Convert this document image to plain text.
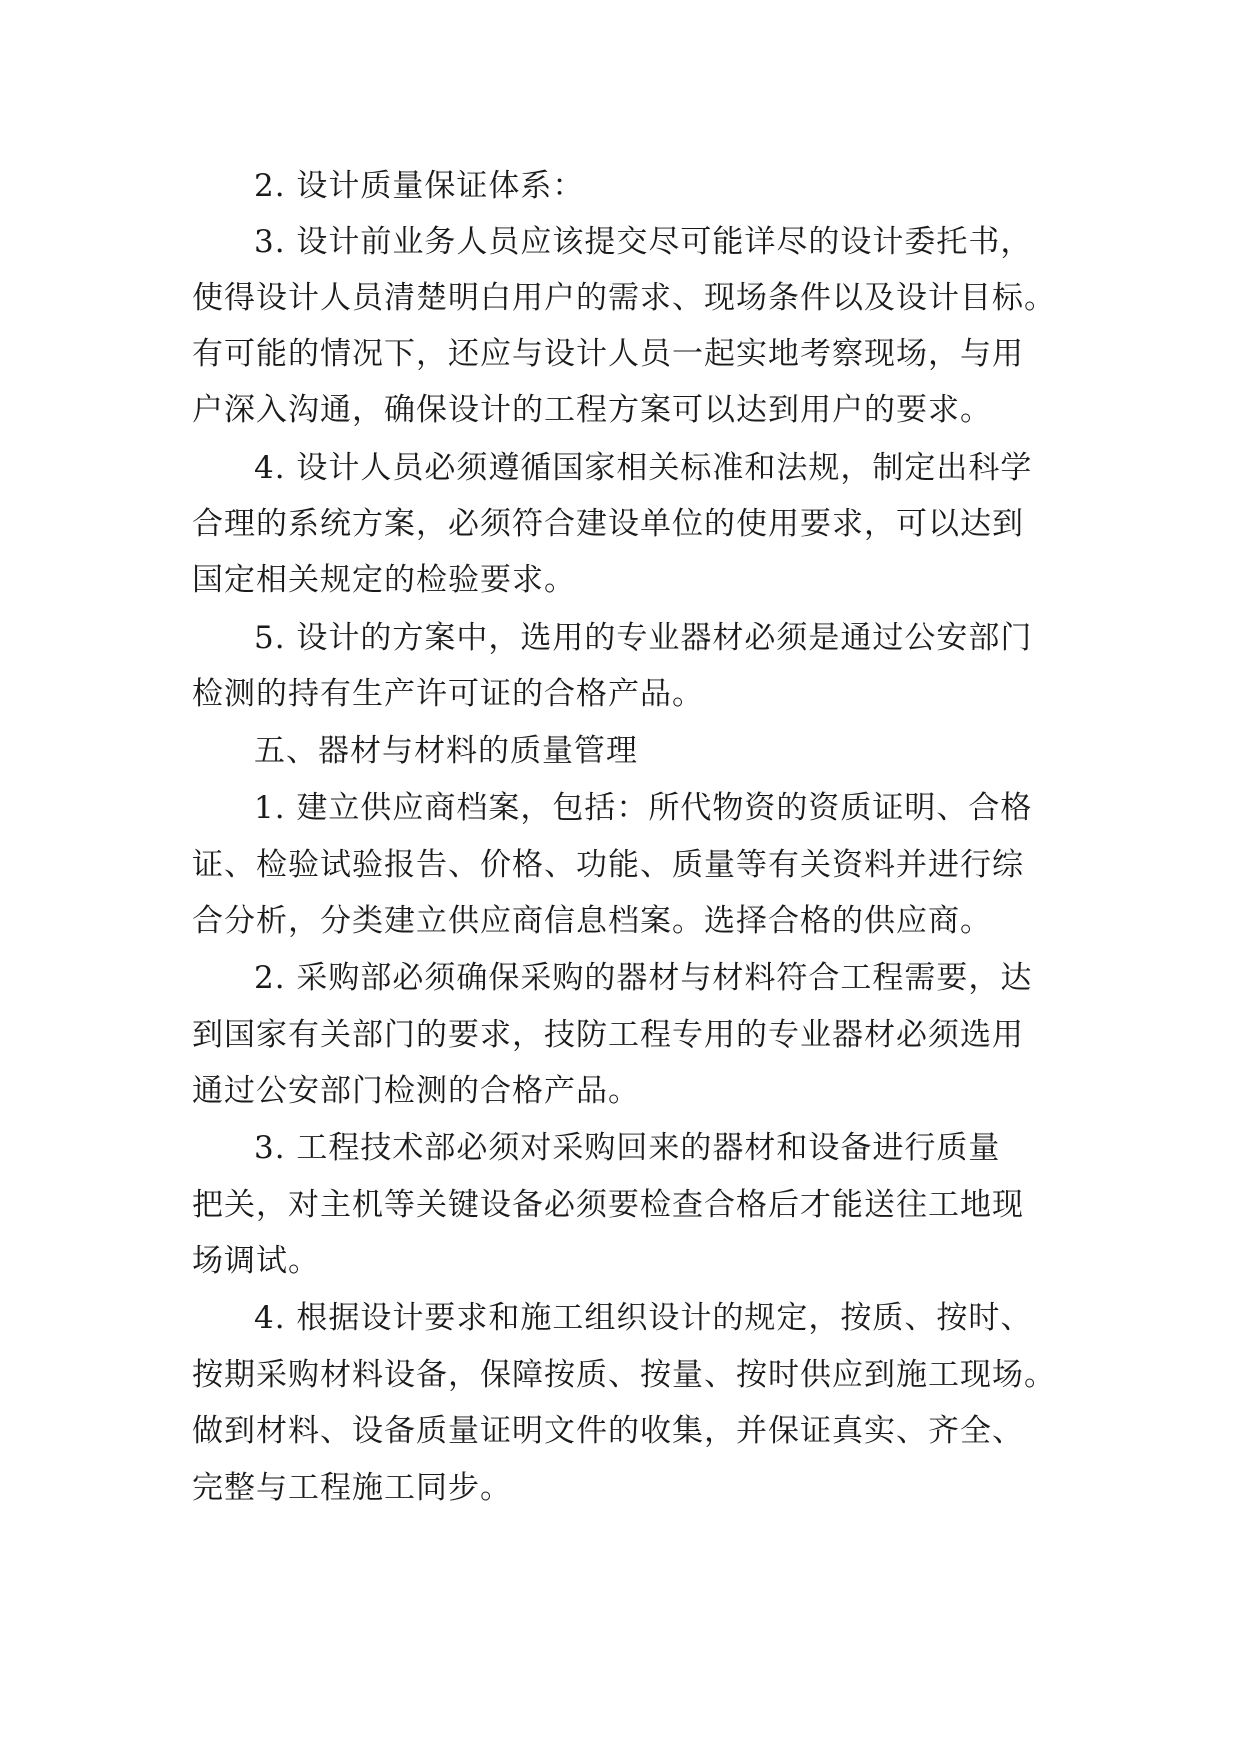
2. 设计质量保证体系：
3. 设计前业务人员应该提交尽可能详尽的设计委托书，
使得设计人员清楚明白用户的需求、现场条件以及设计目标。
有可能的情况下，还应与设计人员一起实地考察现场，与用
户深入沟通，确保设计的工程方案可以达到用户的要求。
4. 设计人员必须遵循国家相关标准和法规，制定出科学
合理的系统方案，必须符合建设单位的使用要求，可以达到
国定相关规定的检验要求。
5. 设计的方案中，选用的专业器材必须是通过公安部门
检测的持有生产许可证的合格产品。
五、器材与材料的质量管理
1. 建立供应商档案，包括：所代物资的资质证明、合格
证、检验试验报告、价格、功能、质量等有关资料并进行综
合分析，分类建立供应商信息档案。选择合格的供应商。
2. 采购部必须确保采购的器材与材料符合工程需要，达
到国家有关部门的要求，技防工程专用的专业器材必须选用
通过公安部门检测的合格产品。
3. 工程技术部必须对采购回来的器材和设备进行质量
把关，对主机等关键设备必须要检查合格后才能送往工地现
场调试。
4. 根据设计要求和施工组织设计的规定，按质、按时、
按期采购材料设备，保障按质、按量、按时供应到施工现场。
做到材料、设备质量证明文件的收集，并保证真实、齐全、
完整与工程施工同步。
